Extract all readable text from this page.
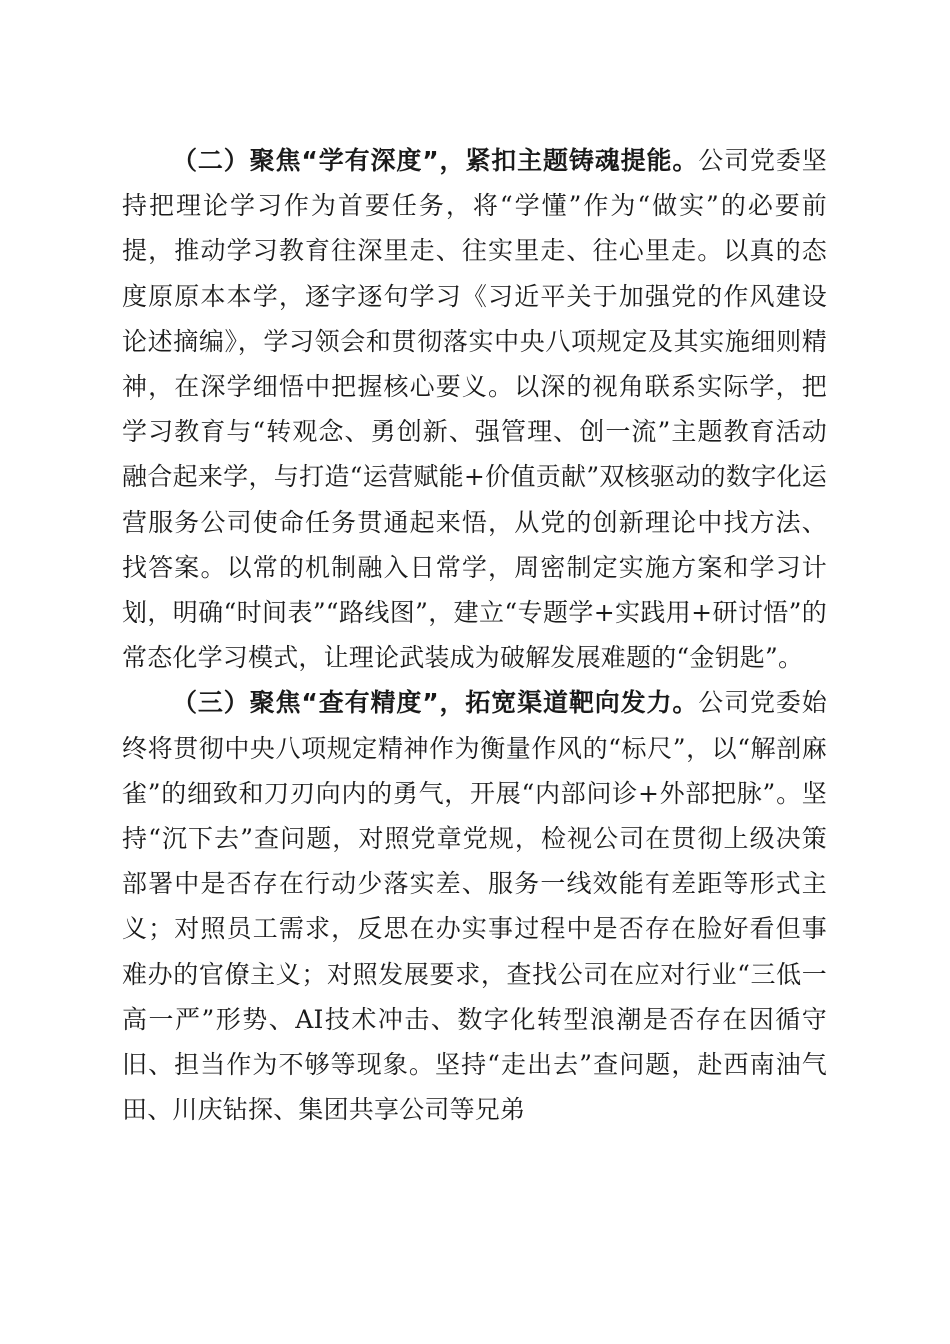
（二）聚焦“学有深度”，紧扣主题铸魂提能。公司党委坚持把理论学习作为首要任务，将“学懂”作为“做实”的必要前提，推动学习教育往深里走、往实里走、往心里走。以真的态度原原本本学，逐字逐句学习《习近平关于加强党的作风建设论述摘编》，学习领会和贯彻落实中央八项规定及其实施细则精神，在深学细悟中把握核心要义。以深的视角联系实际学，把学习教育与“转观念、勇创新、强管理、创一流”主题教育活动融合起来学，与打造“运营赋能+价值贡献”双核驱动的数字化运营服务公司使命任务贯通起来悟，从党的创新理论中找方法、找答案。以常的机制融入日常学，周密制定实施方案和学习计划，明确“时间表”“路线图”，建立“专题学+实践用+研讨悟”的常态化学习模式，让理论武装成为破解发展难题的“金钥匙”。

（三）聚焦“查有精度”，拓宽渠道靶向发力。公司党委始终将贯彻中央八项规定精神作为衡量作风的“标尺”，以“解剖麻雀”的细致和刀刃向内的勇气，开展“内部问诊+外部把脉”。坚持“沉下去”查问题，对照党章党规，检视公司在贯彻上级决策部署中是否存在行动少落实差、服务一线效能有差距等形式主义；对照员工需求，反思在办实事过程中是否存在脸好看但事难办的官僚主义；对照发展要求，查找公司在应对行业“三低一高一严”形势、AI技术冲击、数字化转型浪潮是否存在因循守旧、担当作为不够等现象。坚持“走出去”查问题，赴西南油气田、川庆钻探、集团共享公司等兄弟
